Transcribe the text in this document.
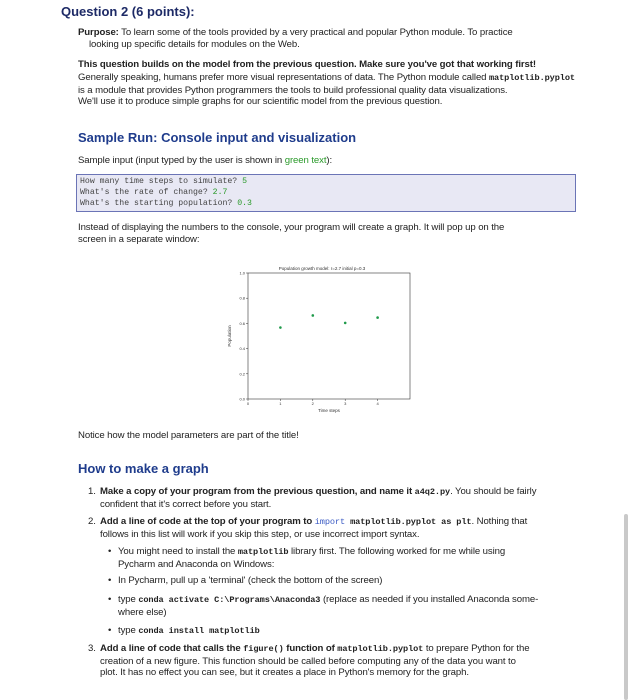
Question 2 (6 points):
Purpose: To learn some of the tools provided by a very practical and popular Python module. To practice
looking up specific details for modules on the Web.
This question builds on the model from the previous question. Make sure you've got that working first!
Generally speaking, humans prefer more visual representations of data. The Python module called matplotlib.pyplot
is a module that provides Python programmers the tools to build professional quality data visualizations.
We'll use it to produce simple graphs for our scientific model from the previous question.
Sample Run: Console input and visualization
Sample input (input typed by the user is shown in green text):
How many time steps to simulate? 5
What's the rate of change? 2.7
What's the starting population? 0.3
Instead of displaying the numbers to the console, your program will create a graph. It will pop up on the
screen in a separate window:
Population growth model: r=2.7 initial p=0.3
0.0
0.2
0.4
0.6
0.8
1.0
0	1	2	3	4
Population
Time steps
Notice how the model parameters are part of the title!
How to make a graph
1. Make a copy of your program from the previous question, and name it a4q2.py. You should be fairly
confident that it's correct before you start.
2. Add a line of code at the top of your program to import matplotlib.pyplot as plt. Nothing that
follows in this list will work if you skip this step, or use incorrect import syntax.
• You might need to install the matplotlib library first. The following worked for me while using
Pycharm and Anaconda on Windows:
• In Pycharm, pull up a 'terminal' (check the bottom of the screen)
• type conda activate C:\Programs\Anaconda3 (replace as needed if you installed Anaconda some-
where else)
• type conda install matplotlib
3. Add a line of code that calls the figure() function of matplotlib.pyplot to prepare Python for the
creation of a new figure. This function should be called before computing any of the data you want to
plot. It has no effect you can see, but it creates a place in Python's memory for the graph.
